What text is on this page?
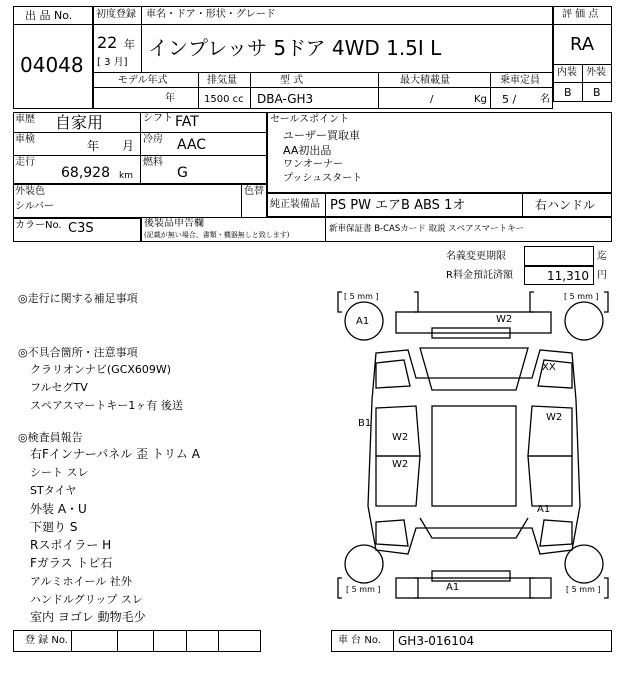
出 品 No.
04048
初度登録 車名・ドア・形状・グレード
22 年
[ 3 月]
インプレッサ 5ドア 4WD 1.5I L
モデル年式	排気量	型 式	最大積載量	乗車定員
年	1500 cc DBA-GH3	/	Kg 5 / 名
評 価 点
RA
内装 外装
B B
車歴 自家用
車検	年 月
走行
68,928 km
シフト FAT
冷房 AAC
燃料
G
セールスポイント
ユーザー買取車
AA初出品
ワンオーナー
プッシュスタート
外装色
シルバー
色替
純正装備品 PS PW エアB ABS 1オ	右ハンドル
カラーNo. C3S	後装品申告欄
(記載が無い場合、書類・機器無しと致します)
新車保証書 B-CASカード 取説 スペアスマートキー
名義変更期限	迄
R料金預託済額	11,310 円
◎走行に関する補足事項
◎不具合箇所・注意事項
クラリオンナビ(GCX609W)
フルセグTV
スペアスマートキー1ヶ有 後送
◎検査員報告
右Fインナーパネル 歪 トリム A
シート スレ
STタイヤ
外装 A・U
下廻り S
Rスポイラー H
Fガラス トビ石
アルミホイール 社外
ハンドルグリップ スレ
室内 ヨゴレ 動物毛少
[ 5 mm ]	[ 5 mm ]
[ 5 mm ]	[ 5 mm ]
A1	W2
XX
B1
W2
W2
W2
A1
A1
登 録 No.	車 台 No. GH3-016104
